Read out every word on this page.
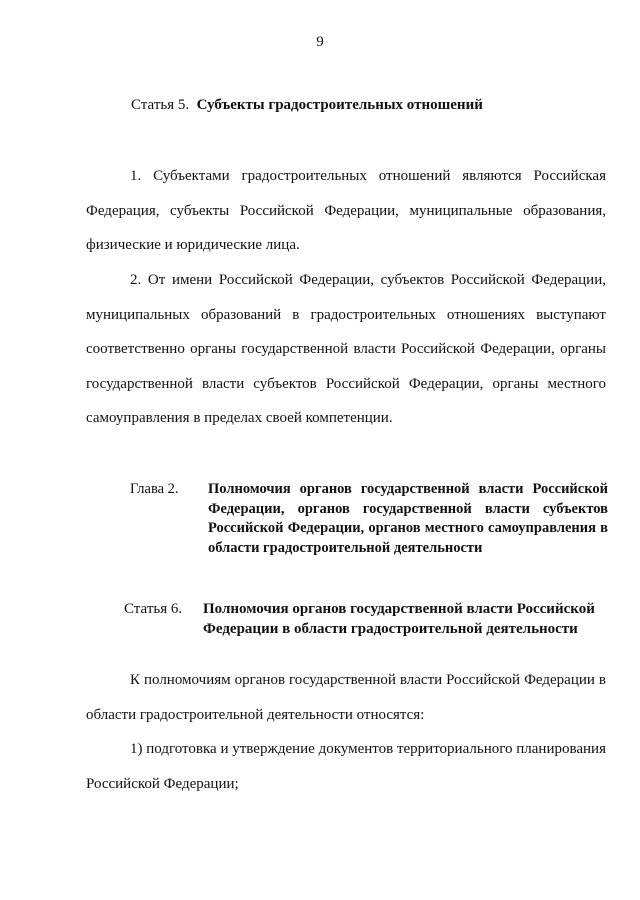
9
Статья 5. Субъекты градостроительных отношений

1. Субъектами градостроительных отношений являются Российская Федерация, субъекты Российской Федерации, муниципальные образования, физические и юридические лица.

2. От имени Российской Федерации, субъектов Российской Федерации, муниципальных образований в градостроительных отношениях выступают соответственно органы государственной власти Российской Федерации, органы государственной власти субъектов Российской Федерации, органы местного самоуправления в пределах своей компетенции.

Глава 2.	Полномочия органов государственной власти Российской Федерации, органов государственной власти субъектов Российской Федерации, органов местного самоуправления в области градостроительной деятельности

Статья 6. Полномочия органов государственной власти Российской
Федерации в области градостроительной деятельности

К полномочиям органов государственной власти Российской Федерации в области градостроительной деятельности относятся:

1) подготовка и утверждение документов территориального планирования Российской Федерации;
